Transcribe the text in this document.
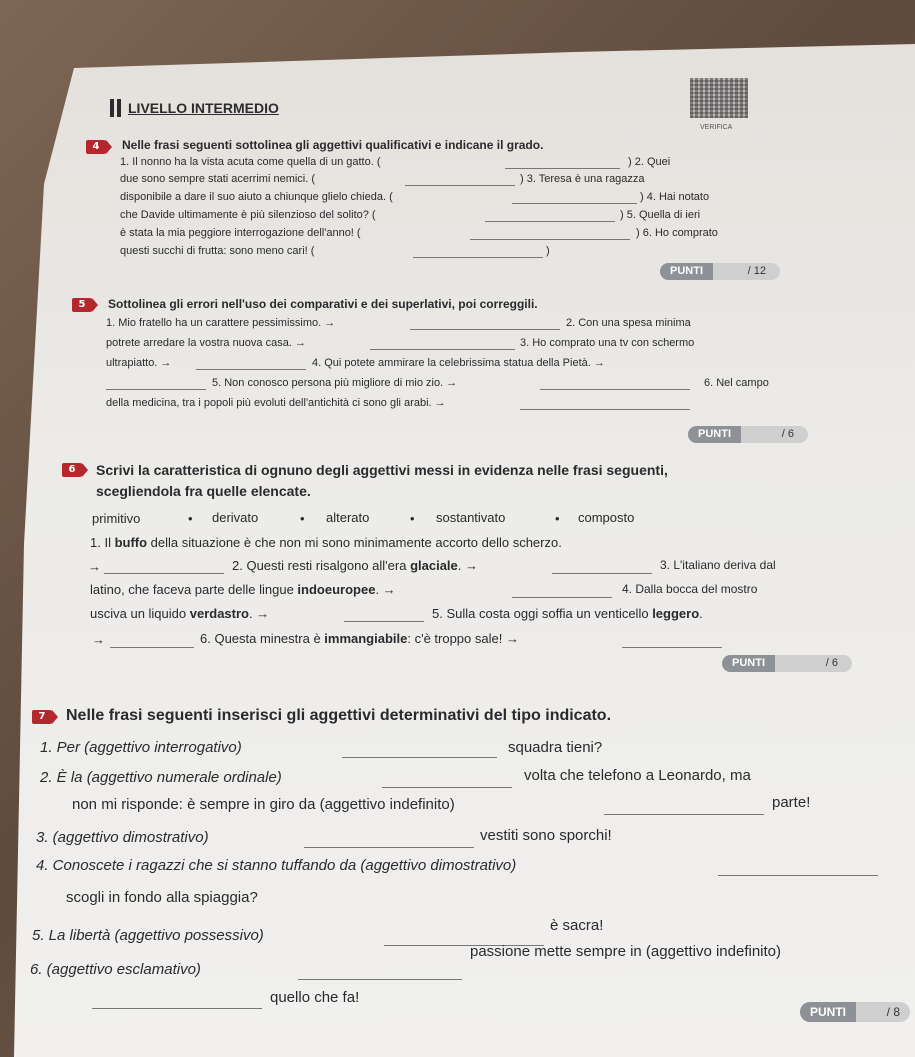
LIVELLO INTERMEDIO
VERIFICA
4	Nelle frasi seguenti sottolinea gli aggettivi qualificativi e indicane il grado.
1. Il nonno ha la vista acuta come quella di un gatto. (	) 2. Quei
due sono sempre stati acerrimi nemici. (	) 3. Teresa è una ragazza
disponibile a dare il suo aiuto a chiunque glielo chieda. (	) 4. Hai notato
che Davide ultimamente è più silenzioso del solito? (	) 5. Quella di ieri
è stata la mia peggiore interrogazione dell'anno! (	) 6. Ho comprato
questi succhi di frutta: sono meno cari! (	)
PUNTI	/ 12
5	Sottolinea gli errori nell'uso dei comparativi e dei superlativi, poi correggili.
1. Mio fratello ha un carattere pessimissimo. →	2. Con una spesa minima
potrete arredare la vostra nuova casa. →	3. Ho comprato una tv con schermo
ultrapiatto. →	4. Qui potete ammirare la celebrissima statua della Pietà. →
5. Non conosco persona più migliore di mio zio. →	6. Nel campo
della medicina, tra i popoli più evoluti dell'antichità ci sono gli arabi. →
PUNTI	/ 6
6	Scrivi la caratteristica di ognuno degli aggettivi messi in evidenza nelle frasi seguenti,
scegliendola fra quelle elencate.
primitivo	• derivato	• alterato	• sostantivato	• composto
1. Il buffo della situazione è che non mi sono minimamente accorto dello scherzo.
→	2. Questi resti risalgono all'era glaciale. →	3. L'italiano deriva dal
latino, che faceva parte delle lingue indoeuropee. →	4. Dalla bocca del mostro
usciva un liquido verdastro. →	5. Sulla costa oggi soffia un venticello leggero.
→	6. Questa minestra è immangiabile: c'è troppo sale! →
PUNTI	/ 6
7	Nelle frasi seguenti inserisci gli aggettivi determinativi del tipo indicato.
1. Per (aggettivo interrogativo)	squadra tieni?
2. È la (aggettivo numerale ordinale)	volta che telefono a Leonardo, ma
non mi risponde: è sempre in giro da (aggettivo indefinito)	parte!
3. (aggettivo dimostrativo)	vestiti sono sporchi!
4. Conoscete i ragazzi che si stanno tuffando da (aggettivo dimostrativo)
scogli in fondo alla spiaggia?
5. La libertà (aggettivo possessivo)
è sacra!
6. (aggettivo esclamativo)
passione mette sempre in (aggettivo indefinito)
quello che fa!
PUNTI	/ 8
